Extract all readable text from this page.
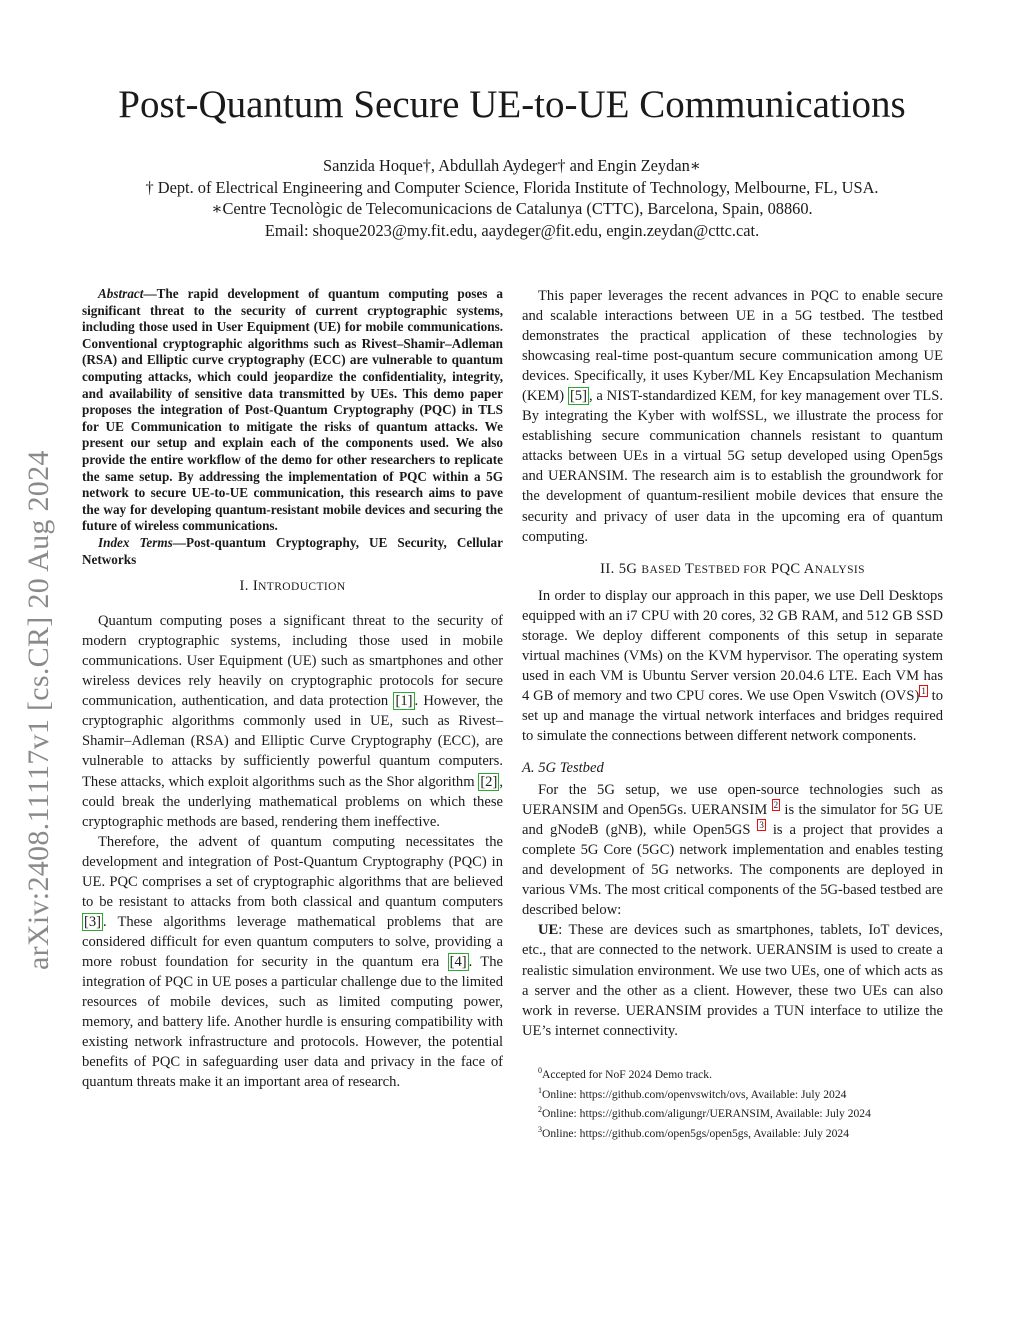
arXiv:2408.11117v1 [cs.CR] 20 Aug 2024
Post-Quantum Secure UE-to-UE Communications
Sanzida Hoque†, Abdullah Aydeger† and Engin Zeydan∗
† Dept. of Electrical Engineering and Computer Science, Florida Institute of Technology, Melbourne, FL, USA.
∗Centre Tecnològic de Telecomunicacions de Catalunya (CTTC), Barcelona, Spain, 08860.
Email: shoque2023@my.fit.edu, aaydeger@fit.edu, engin.zeydan@cttc.cat.
Abstract—The rapid development of quantum computing poses a significant threat to the security of current cryptographic systems, including those used in User Equipment (UE) for mobile communications. Conventional cryptographic algorithms such as Rivest–Shamir–Adleman (RSA) and Elliptic curve cryptography (ECC) are vulnerable to quantum computing attacks, which could jeopardize the confidentiality, integrity, and availability of sensitive data transmitted by UEs. This demo paper proposes the integration of Post-Quantum Cryptography (PQC) in TLS for UE Communication to mitigate the risks of quantum attacks. We present our setup and explain each of the components used. We also provide the entire workflow of the demo for other researchers to replicate the same setup. By addressing the implementation of PQC within a 5G network to secure UE-to-UE communication, this research aims to pave the way for developing quantum-resistant mobile devices and securing the future of wireless communications.
Index Terms—Post-quantum Cryptography, UE Security, Cellular Networks
I. INTRODUCTION

Quantum computing poses a significant threat to the security of modern cryptographic systems, including those used in mobile communications. User Equipment (UE) such as smartphones and other wireless devices rely heavily on cryptographic protocols for secure communication, authentication, and data protection [1] . However, the cryptographic algorithms commonly used in UE, such as Rivest–Shamir–Adleman (RSA) and Elliptic Curve Cryptography (ECC), are vulnerable to attacks by sufficiently powerful quantum computers. These attacks, which exploit algorithms such as the Shor algorithm [2] , could break the underlying mathematical problems on which these cryptographic methods are based, rendering them ineffective.

Therefore, the advent of quantum computing necessitates the development and integration of Post-Quantum Cryptography (PQC) in UE. PQC comprises a set of cryptographic algorithms that are believed to be resistant to attacks from both classical and quantum computers [3] . These algorithms leverage mathematical problems that are considered difficult for even quantum computers to solve, providing a more robust foundation for security in the quantum era [4] . The integration of PQC in UE poses a particular challenge due to the limited resources of mobile devices, such as limited computing power, memory, and battery life. Another hurdle is ensuring compatibility with existing network infrastructure and protocols. However, the potential benefits of PQC in safeguarding user data and privacy in the face of quantum threats make it an important area of research.

This paper leverages the recent advances in PQC to enable secure and scalable interactions between UE in a 5G testbed. The testbed demonstrates the practical application of these technologies by showcasing real-time post-quantum secure communication among UE devices. Specifically, it uses Kyber/ML Key Encapsulation Mechanism (KEM) [5] , a NIST-standardized KEM, for key management over TLS. By integrating the Kyber with wolfSSL, we illustrate the process for establishing secure communication channels resistant to quantum attacks between UEs in a virtual 5G setup developed using Open5gs and UERANSIM. The research aim is to establish the groundwork for the development of quantum-resilient mobile devices that ensure the security and privacy of user data in the upcoming era of quantum computing.

II. 5G BASED TESTBED FOR PQC ANALYSIS

In order to display our approach in this paper, we use Dell Desktops equipped with an i7 CPU with 20 cores, 32 GB RAM, and 512 GB SSD storage. We deploy different components of this setup in separate virtual machines (VMs) on the KVM hypervisor. The operating system used in each VM is Ubuntu Server version 20.04.6 LTE. Each VM has 4 GB of memory and two CPU cores. We use Open Vswitch (OVS) $^1$ to set up and manage the virtual network interfaces and bridges required to simulate the connections between different network components.

A. 5G Testbed

For the 5G setup, we use open-source technologies such as UERANSIM and Open5Gs. UERANSIM $^2$ is the simulator for 5G UE and gNodeB (gNB), while Open5GS $^3$ is a project that provides a complete 5G Core (5GC) network implementation and enables testing and development of 5G networks. The components are deployed in various VMs. The most critical components of the 5G-based testbed are described below:

UE: These are devices such as smartphones, tablets, IoT devices, etc., that are connected to the network. UERANSIM is used to create a realistic simulation environment. We use two UEs, one of which acts as a server and the other as a client. However, these two UEs can also work in reverse. UERANSIM provides a TUN interface to utilize the UE’s internet connectivity.

$^0$Accepted for NoF 2024 Demo track.
$^1$Online: https://github.com/openvswitch/ovs, Available: July 2024
$^2$Online: https://github.com/aligungr/UERANSIM, Available: July 2024
$^3$Online: https://github.com/open5gs/open5gs, Available: July 2024
